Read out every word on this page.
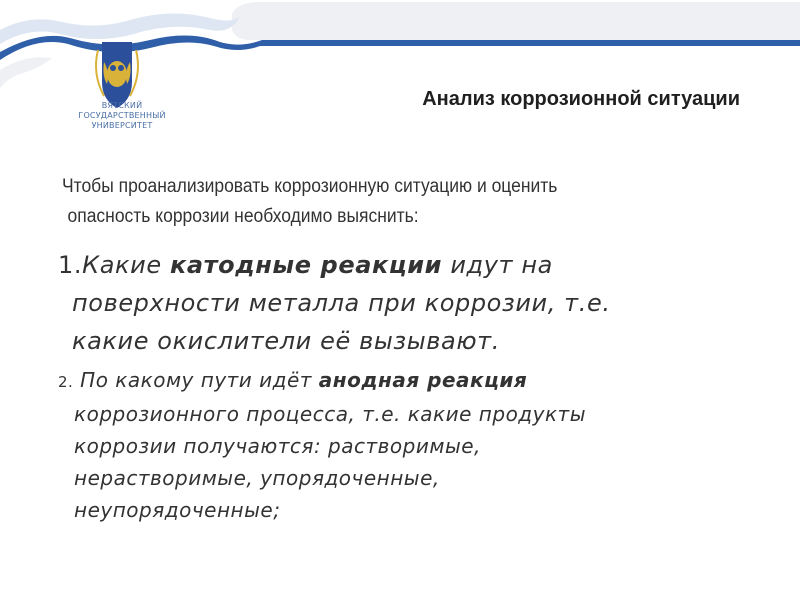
ВЯТСКИЙ
ГОСУДАРСТВЕННЫЙ
УНИВЕРСИТЕТ
Анализ коррозионной ситуации
Чтобы проанализировать коррозионную ситуацию и оценить
опасность коррозии необходимо выяснить:
1.Какие катодные реакции идут на
поверхности металла при коррозии, т.е.
какие окислители её вызывают.
2. По какому пути идёт анодная реакция
коррозионного процесса, т.е. какие продукты
коррозии получаются: растворимые,
нерастворимые, упорядоченные,
неупорядоченные;
